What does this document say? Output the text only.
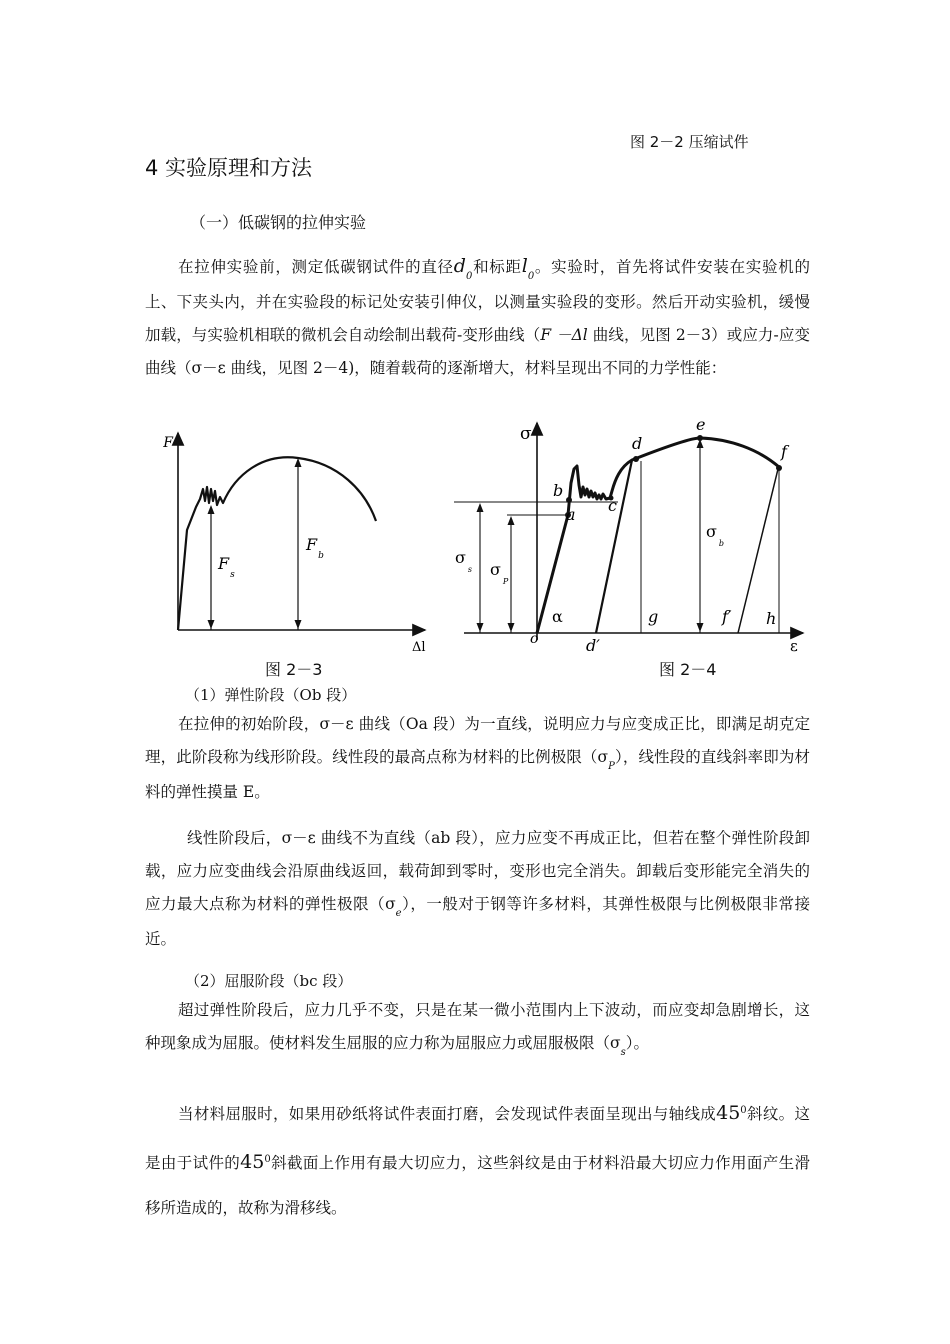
图 2－2 压缩试件
4 实验原理和方法
（一）低碳钢的拉伸实验

在拉伸实验前，测定低碳钢试件的直径$d_0$和标距$l_0$。实验时，首先将试件安装在实验机的上、下夹头内，并在实验段的标记处安装引伸仪，以测量实验段的变形。然后开动实验机，缓慢加载，与实验机相联的微机会自动绘制出载荷-变形曲线（F －Δl 曲线，见图 2－3）或应力-应变曲线（σ－ε 曲线，见图 2－4)，随着载荷的逐渐增大，材料呈现出不同的力学性能：

F
Δl
$F_s$
$F_b$
图 2－3
σ
ε
$\sigma_s$ $\sigma_P$
$\sigma_b$
a
b
c
d
e
f
o
α	g	f′ h
d′
图 2－4
（1）弹性阶段（Ob 段）

在拉伸的初始阶段，σ－ε 曲线（Oa 段）为一直线，说明应力与应变成正比，即满足胡克定理，此阶段称为线形阶段。线性段的最高点称为材料的比例极限$(\sigma_P)$，线性段的直线斜率即为材料的弹性摸量 E。

线性阶段后，σ－ε 曲线不为直线（ab 段），应力应变不再成正比，但若在整个弹性阶段卸载，应力应变曲线会沿原曲线返回，载荷卸到零时，变形也完全消失。卸载后变形能完全消失的应力最大点称为材料的弹性极限$(\sigma_e)$，一般对于钢等许多材料，其弹性极限与比例极限非常接近。

（2）屈服阶段（bc 段）

超过弹性阶段后，应力几乎不变，只是在某一微小范围内上下波动，而应变却急剧增长，这种现象成为屈服。使材料发生屈服的应力称为屈服应力或屈服极限$(\sigma_s)$。

当材料屈服时，如果用砂纸将试件表面打磨，会发现试件表面呈现出与轴线成$45^0$斜纹。这是由于试件的$45^0$斜截面上作用有最大切应力，这些斜纹是由于材料沿最大切应力作用面产生滑移所造成的，故称为滑移线。
